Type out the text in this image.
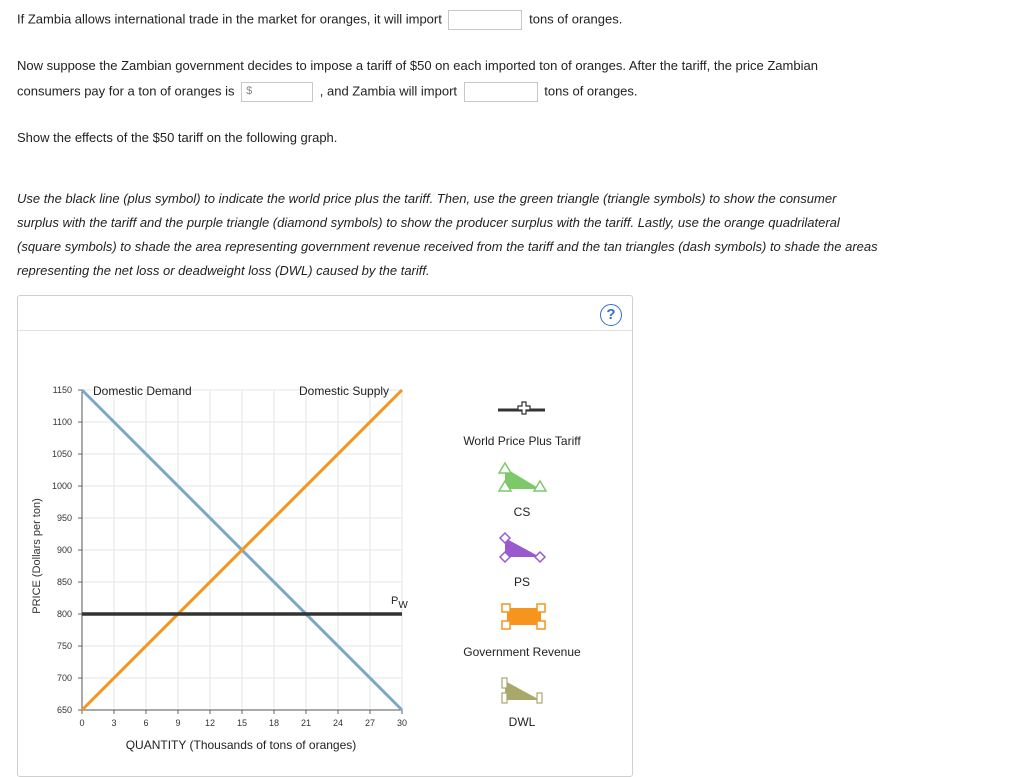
If Zambia allows international trade in the market for oranges, it will import	tons of oranges.
Now suppose the Zambian government decides to impose a tariff of $50 on each imported ton of oranges. After the tariff, the price Zambian
consumers pay for a ton of oranges is $	, and Zambia will import	tons of oranges.
Show the effects of the $50 tariff on the following graph.
Use the black line (plus symbol) to indicate the world price plus the tariff. Then, use the green triangle (triangle symbols) to show the consumer
surplus with the tariff and the purple triangle (diamond symbols) to show the producer surplus with the tariff. Lastly, use the orange quadrilateral
(square symbols) to shade the area representing government revenue received from the tariff and the tan triangles (dash symbols) to shade the areas
representing the net loss or deadweight loss (DWL) caused by the tariff.
?
650
700
750
800
850
900
950
1000
1050
1100
1150
0	3	6	9	12 15 18 21 24 27 30
PRICE (Dollars per ton)
QUANTITY (Thousands of tons of oranges)
Domestic Demand	Domestic Supply
PW
World Price Plus Tariff
CS
PS
Government Revenue
DWL
